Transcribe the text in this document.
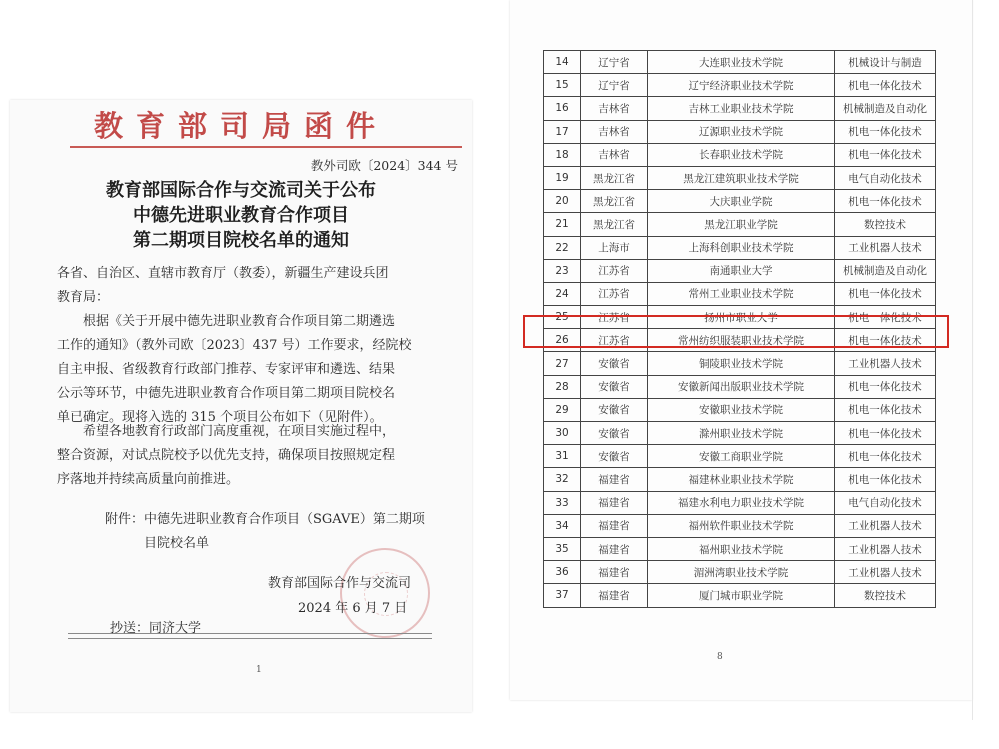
教育部司局函件
教外司欧〔2024〕344 号
教育部国际合作与交流司关于公布
中德先进职业教育合作项目
第二期项目院校名单的通知
各省、自治区、直辖市教育厅（教委），新疆生产建设兵团
教育局：
　　根据《关于开展中德先进职业教育合作项目第二期遴选
工作的通知》（教外司欧〔2023〕437 号）工作要求，经院校
自主申报、省级教育行政部门推荐、专家评审和遴选、结果
公示等环节，中德先进职业教育合作项目第二期项目院校名
单已确定。现将入选的 315 个项目公布如下（见附件）。
　　希望各地教育行政部门高度重视，在项目实施过程中，
整合资源，对试点院校予以优先支持，确保项目按照规定程
序落地并持续高质量向前推进。
附件：中德先进职业教育合作项目（SGAVE）第二期项
　　　目院校名单
教育部国际合作与交流司
2024 年 6 月 7 日
抄送：同济大学
1
14	辽宁省	大连职业技术学院	机械设计与制造
15	辽宁省	辽宁经济职业技术学院	机电一体化技术
16	吉林省	吉林工业职业技术学院	机械制造及自动化
17	吉林省	辽源职业技术学院	机电一体化技术
18	吉林省	长春职业技术学院	机电一体化技术
19	黑龙江省	黑龙江建筑职业技术学院	电气自动化技术
20	黑龙江省	大庆职业学院	机电一体化技术
21	黑龙江省	黑龙江职业学院	数控技术
22	上海市	上海科创职业技术学院	工业机器人技术
23	江苏省	南通职业大学	机械制造及自动化
24	江苏省	常州工业职业技术学院	机电一体化技术
25	江苏省	扬州市职业大学	机电一体化技术
26	江苏省	常州纺织服装职业技术学院	机电一体化技术
27	安徽省	铜陵职业技术学院	工业机器人技术
28	安徽省	安徽新闻出版职业技术学院	机电一体化技术
29	安徽省	安徽职业技术学院	机电一体化技术
30	安徽省	滁州职业技术学院	机电一体化技术
31	安徽省	安徽工商职业学院	机电一体化技术
32	福建省	福建林业职业技术学院	机电一体化技术
33	福建省	福建水利电力职业技术学院	电气自动化技术
34	福建省	福州软件职业技术学院	工业机器人技术
35	福建省	福州职业技术学院	工业机器人技术
36	福建省	湄洲湾职业技术学院	工业机器人技术
37	福建省	厦门城市职业学院	数控技术
8
